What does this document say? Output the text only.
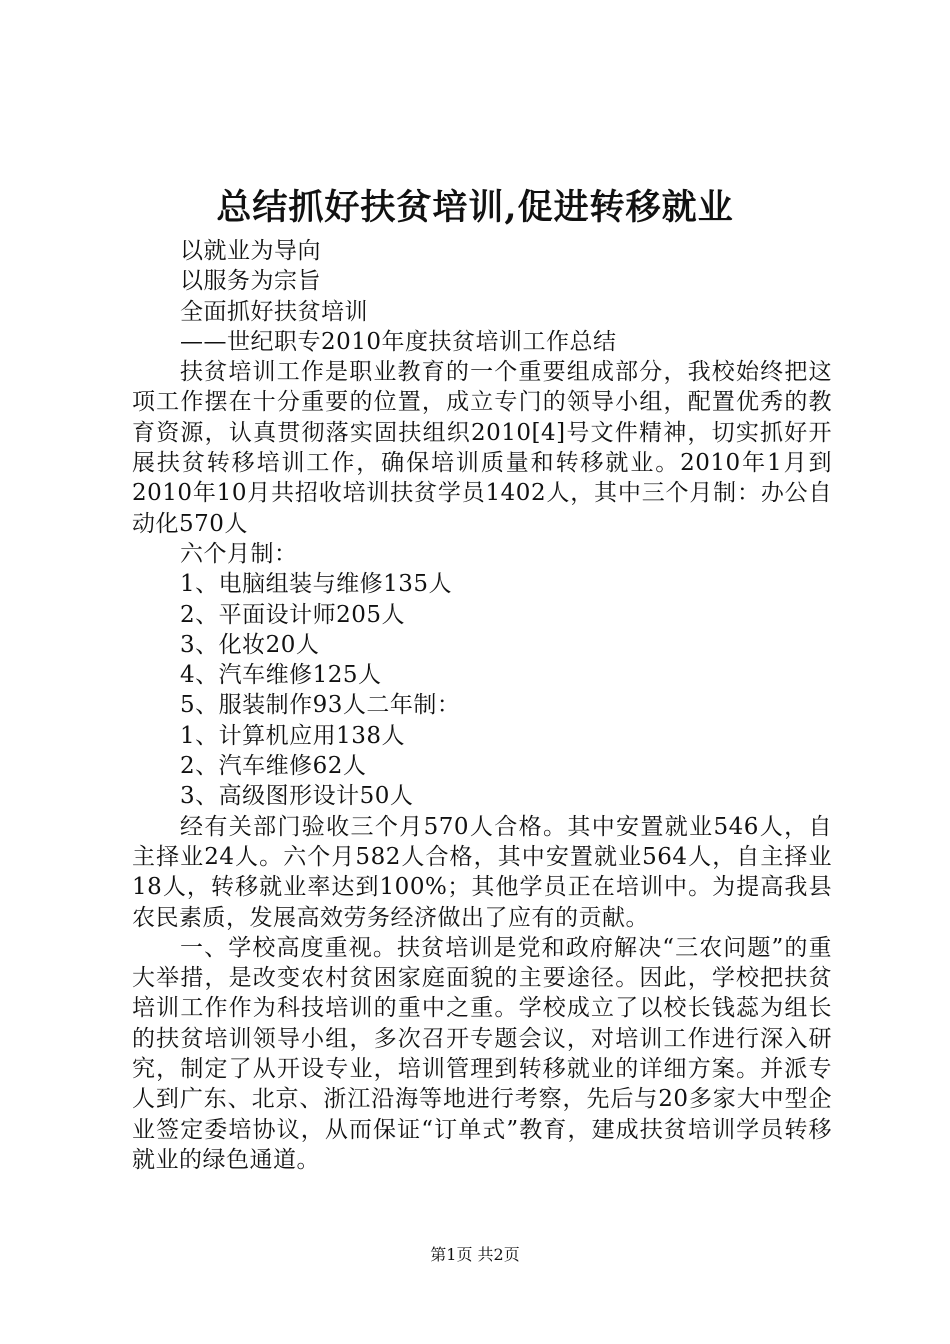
总结抓好扶贫培训,促进转移就业
以就业为导向
以服务为宗旨
全面抓好扶贫培训
——世纪职专2010年度扶贫培训工作总结
扶贫培训工作是职业教育的一个重要组成部分，我校始终把这项工作摆在十分重要的位置，成立专门的领导小组，配置优秀的教育资源，认真贯彻落实固扶组织2010[4]号文件精神，切实抓好开展扶贫转移培训工作，确保培训质量和转移就业。2010年1月到2010年10月共招收培训扶贫学员1402人，其中三个月制：办公自动化570人
六个月制：
1、电脑组装与维修135人
2、平面设计师205人
3、化妆20人
4、汽车维修125人
5、服装制作93人二年制：
1、计算机应用138人
2、汽车维修62人
3、高级图形设计50人
经有关部门验收三个月570人合格。其中安置就业546人，自主择业24人。六个月582人合格，其中安置就业564人，自主择业18人，转移就业率达到100%；其他学员正在培训中。为提高我县农民素质，发展高效劳务经济做出了应有的贡献。
一、学校高度重视。扶贫培训是党和政府解决“三农问题”的重大举措，是改变农村贫困家庭面貌的主要途径。因此，学校把扶贫培训工作作为科技培训的重中之重。学校成立了以校长钱蕊为组长的扶贫培训领导小组，多次召开专题会议，对培训工作进行深入研究，制定了从开设专业，培训管理到转移就业的详细方案。并派专人到广东、北京、浙江沿海等地进行考察，先后与20多家大中型企业签定委培协议，从而保证“订单式”教育，建成扶贫培训学员转移就业的绿色通道。
第1页 共2页
